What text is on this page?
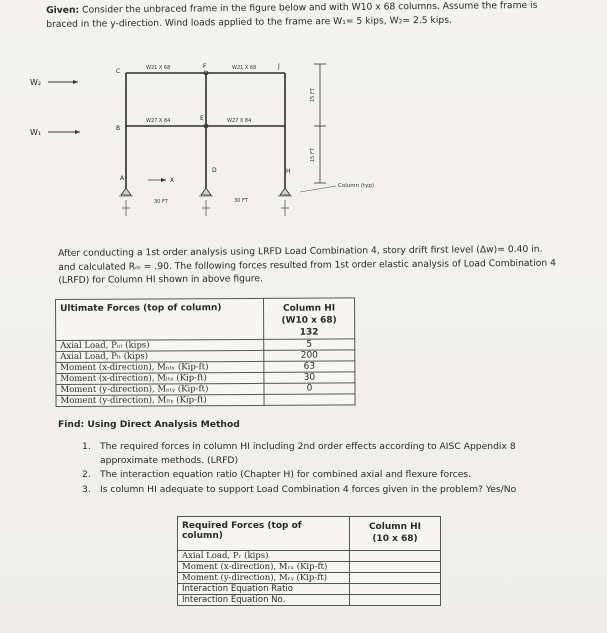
Given: Consider the unbraced frame in the figure below and with W10 x 68 columns. Assume the frame is braced in the y-direction. Wind loads applied to the frame are W₁= 5 kips, W₂= 2.5 kips.
W₂
W₁
C
B
A
F
E
D
J
I
H
W21 X 68	W21 X 68
W27 X 84	W27 X 84
X
30 FT	30 FT
15 FT
15 FT
Column (typ)
After conducting a 1st order analysis using LRFD Load Combination 4, story drift first level (Δw)= 0.40 in. and calculated Rₘ = .90. The following forces resulted from 1st order elastic analysis of Load Combination 4 (LRFD) for Column HI shown in above figure.
Ultimate Forces (top of column)	Column HI
(W10 x 68)
132

Axial Load, Pₙₜ (kips)	5
Axial Load, Pₗₜ (kips)	200
Moment (x-direction), Mₙₜₓ (Kip-ft)	63
Moment (x-direction), Mₗₜₓ (Kip-ft)	30
Moment (y-direction), Mₙₜᵧ (Kip-ft)	0
Moment (y-direction), Mₗₜᵧ (Kip-ft)	
Find: Using Direct Analysis Method
1. The required forces in column HI including 2nd order effects according to AISC Appendix 8 approximate methods. (LRFD)
2. The interaction equation ratio (Chapter H) for combined axial and flexure forces.
3. Is column HI adequate to support Load Combination 4 forces given in the problem? Yes/No
Required Forces (top of column)	Column HI
(10 x 68)

Axial Load, Pᵣ (kips)	
Moment (x-direction), Mᵣₓ (Kip-ft)	
Moment (y-direction), Mᵣᵧ (Kip-ft)	
Interaction Equation Ratio	
Interaction Equation No.	
